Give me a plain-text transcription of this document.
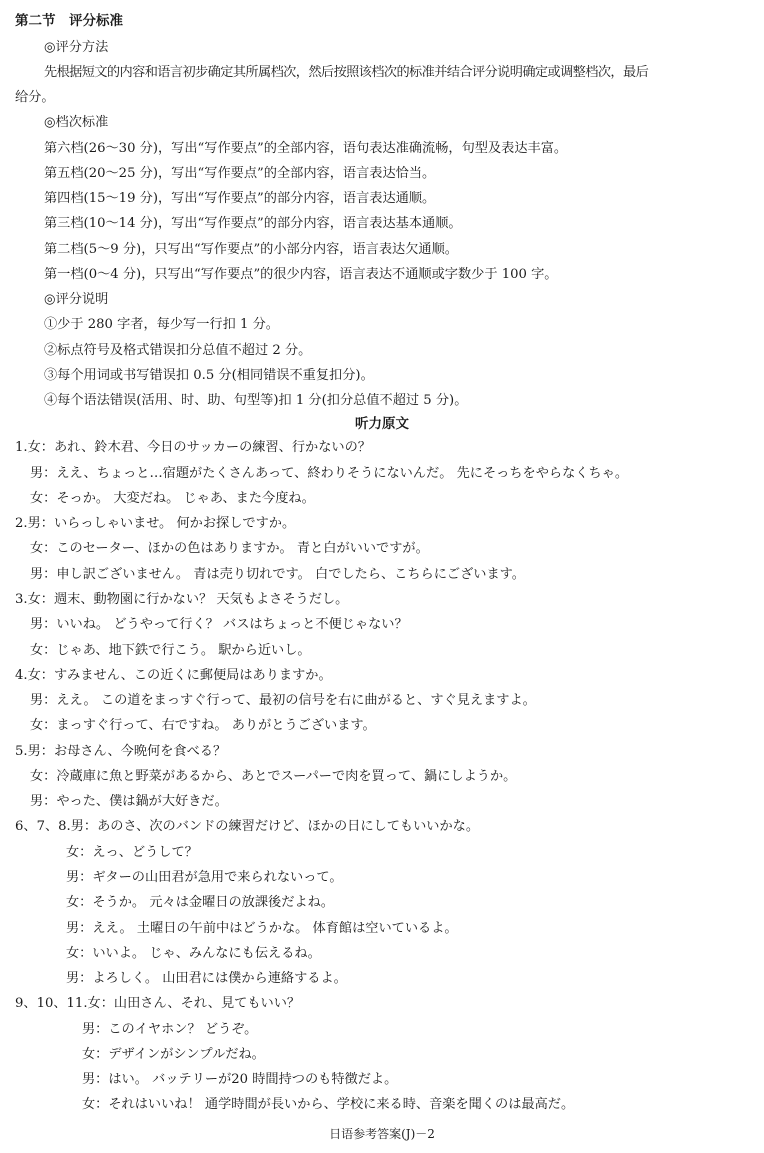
第二节　评分标准
◎评分方法
先根据短文的内容和语言初步确定其所属档次，然后按照该档次的标准并结合评分说明确定或调整档次，最后
给分。
◎档次标准
第六档(26～30 分)，写出“写作要点”的全部内容，语句表达准确流畅，句型及表达丰富。
第五档(20～25 分)，写出“写作要点”的全部内容，语言表达恰当。
第四档(15～19 分)，写出“写作要点”的部分内容，语言表达通顺。
第三档(10～14 分)，写出“写作要点”的部分内容，语言表达基本通顺。
第二档(5～9 分)，只写出“写作要点”的小部分内容，语言表达欠通顺。
第一档(0～4 分)，只写出“写作要点”的很少内容，语言表达不通顺或字数少于 100 字。
◎评分说明
①少于 280 字者，每少写一行扣 1 分。
②标点符号及格式错误扣分总值不超过 2 分。
③每个用词或书写错误扣 0.5 分(相同错误不重复扣分)。
④每个语法错误(活用、时、助、句型等)扣 1 分(扣分总值不超过 5 分)。
听力原文
1.女：あれ、鈴木君、今日のサッカーの練習、行かないの？
男：ええ、ちょっと…宿題がたくさんあって、終わりそうにないんだ。 先にそっちをやらなくちゃ。
女：そっか。 大変だね。 じゃあ、また今度ね。
2.男：いらっしゃいませ。 何かお探しですか。
女：このセーター、ほかの色はありますか。 青と白がいいですが。
男：申し訳ございません。 青は売り切れです。 白でしたら、こちらにございます。
3.女：週末、動物園に行かない？ 天気もよさそうだし。
男：いいね。 どうやって行く？ バスはちょっと不便じゃない？
女：じゃあ、地下鉄で行こう。 駅から近いし。
4.女：すみません、この近くに郵便局はありますか。
男：ええ。 この道をまっすぐ行って、最初の信号を右に曲がると、すぐ見えますよ。
女：まっすぐ行って、右ですね。 ありがとうございます。
5.男：お母さん、今晩何を食べる？
女：冷蔵庫に魚と野菜があるから、あとでスーパーで肉を買って、鍋にしようか。
男：やった、僕は鍋が大好きだ。
6、7、8.男：あのさ、次のバンドの練習だけど、ほかの日にしてもいいかな。
女：えっ、どうして？
男：ギターの山田君が急用で来られないって。
女：そうか。 元々は金曜日の放課後だよね。
男：ええ。 土曜日の午前中はどうかな。 体育館は空いているよ。
女：いいよ。 じゃ、みんなにも伝えるね。
男：よろしく。 山田君には僕から連絡するよ。
9、10、11.女：山田さん、それ、見てもいい？
男：このイヤホン？ どうぞ。
女：デザインがシンプルだね。
男：はい。 バッテリーが20 時間持つのも特徴だよ。
女：それはいいね！ 通学時間が長いから、学校に来る時、音楽を聞くのは最高だ。
日语参考答案(J)－2
